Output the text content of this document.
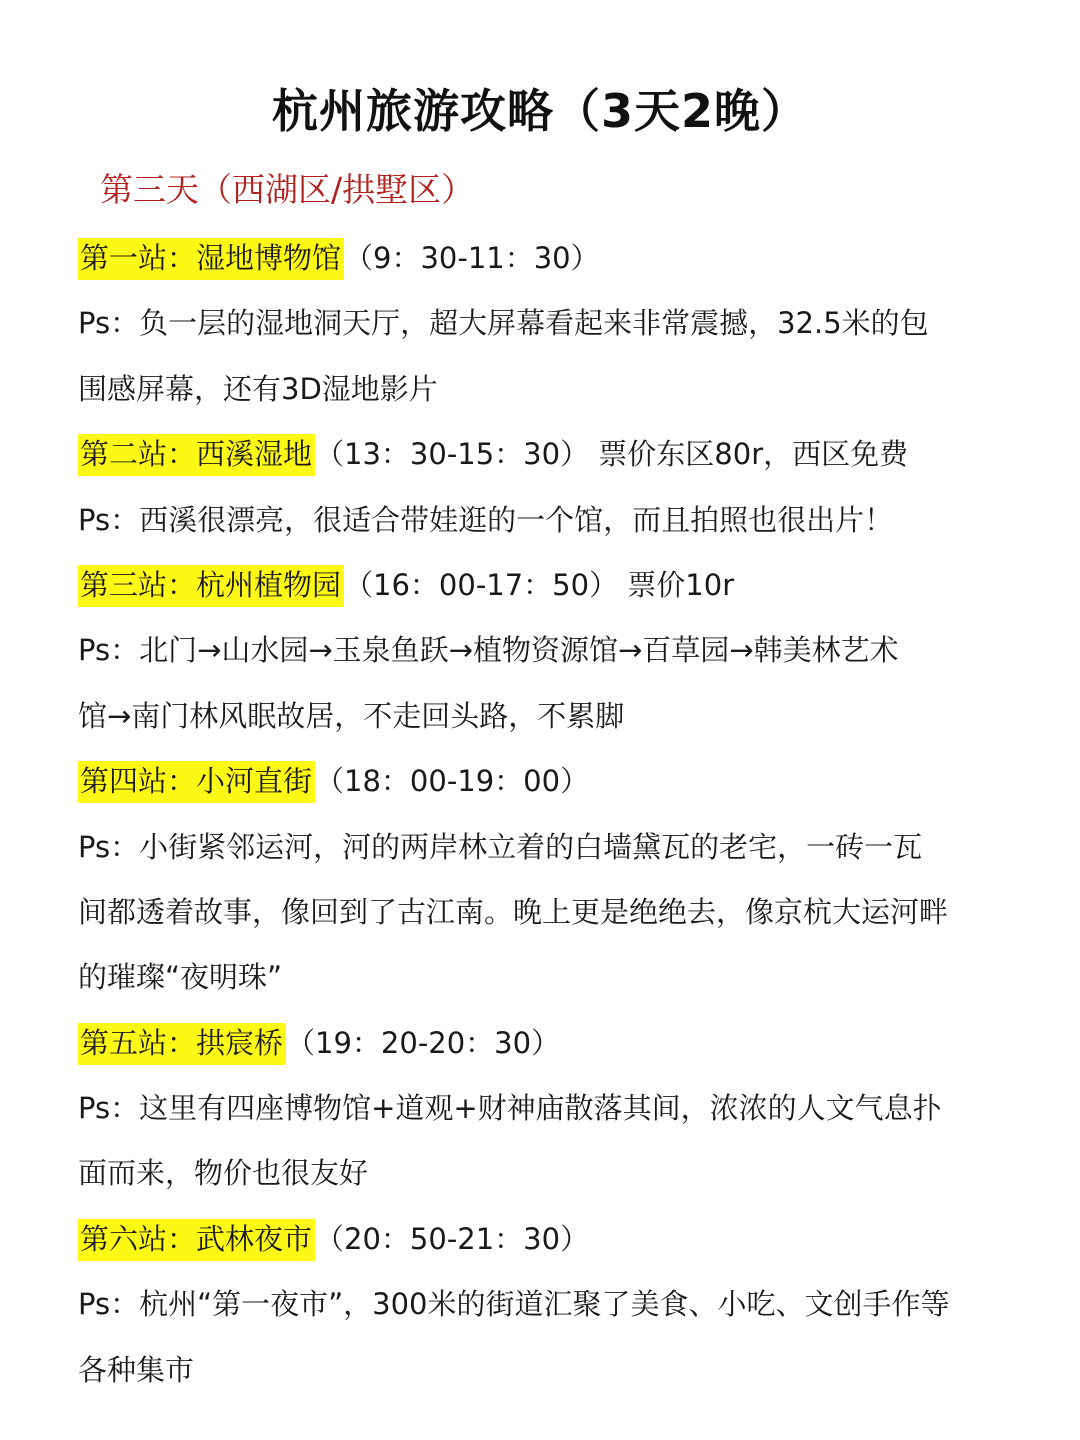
杭州旅游攻略（3天2晚）
第三天（西湖区/拱墅区）
第一站：湿地博物馆 （9：30-11：30）
Ps：负一层的湿地洞天厅，超大屏幕看起来非常震撼，32.5米的包
围感屏幕，还有3D湿地影片
第二站：西溪湿地 （13：30-15：30） 票价东区80r，西区免费
Ps：西溪很漂亮，很适合带娃逛的一个馆，而且拍照也很出片！
第三站：杭州植物园 （16：00-17：50） 票价10r
Ps：北门→山水园→玉泉鱼跃→植物资源馆→百草园→韩美林艺术
馆→南门林风眠故居，不走回头路，不累脚
第四站：小河直街 （18：00-19：00）
Ps：小街紧邻运河，河的两岸林立着的白墙黛瓦的老宅，一砖一瓦
间都透着故事，像回到了古江南。晚上更是绝绝去，像京杭大运河畔
的璀璨“夜明珠”
第五站：拱宸桥 （19：20-20：30）
Ps：这里有四座博物馆+道观+财神庙散落其间，浓浓的人文气息扑
面而来，物价也很友好
第六站：武林夜市 （20：50-21：30）
Ps：杭州“第一夜市”，300米的街道汇聚了美食、小吃、文创手作等
各种集市
